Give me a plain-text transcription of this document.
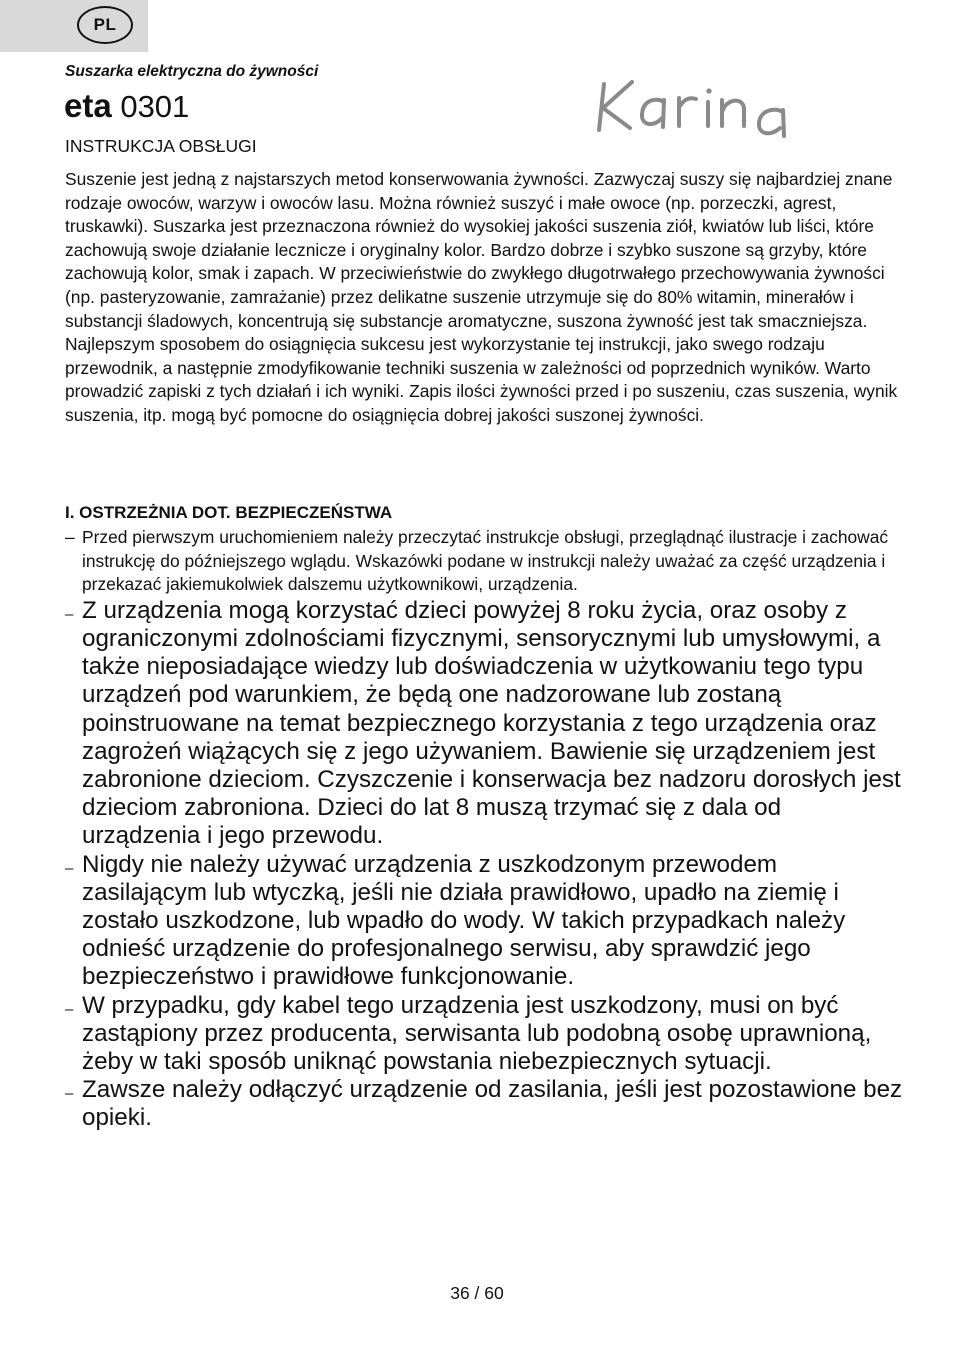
PL
Suszarka elektryczna do żywności
eta 0301
INSTRUKCJA OBSŁUGI

Suszenie jest jedną z najstarszych metod konserwowania żywności. Zazwyczaj suszy się najbardziej znane rodzaje owoców, warzyw i owoców lasu. Można również suszyć i małe owoce (np. porzeczki, agrest, truskawki). Suszarka jest przeznaczona również do wysokiej jakości suszenia ziół, kwiatów lub liści, które zachowują swoje działanie lecznicze i oryginalny kolor. Bardzo dobrze i szybko suszone są grzyby, które zachowują kolor, smak i zapach. W przeciwieństwie do zwykłego długotrwałego przechowywania żywności (np. pasteryzowanie, zamrażanie) przez delikatne suszenie utrzymuje się do 80% witamin, minerałów i substancji śladowych, koncentrują się substancje aromatyczne, suszona żywność jest tak smaczniejsza. Najlepszym sposobem do osiągnięcia sukcesu jest wykorzystanie tej instrukcji, jako swego rodzaju przewodnik, a następnie zmodyfikowanie techniki suszenia w zależności od poprzednich wyników. Warto prowadzić zapiski z tych działań i ich wyniki. Zapis ilości żywności przed i po suszeniu, czas suszenia, wynik suszenia, itp. mogą być pomocne do osiągnięcia dobrej jakości suszonej żywności.

I. OSTRZEŻNIA DOT. BEZPIECZEŃSTWA
– Przed pierwszym uruchomieniem należy przeczytać instrukcje obsługi, przeglądnąć ilustracje i zachować instrukcję do późniejszego wglądu. Wskazówki podane w instrukcji należy uważać za część urządzenia i przekazać jakiemukolwiek dalszemu użytkownikowi, urządzenia.
– Z urządzenia mogą korzystać dzieci powyżej 8 roku życia, oraz osoby z ograniczonymi zdolnościami fizycznymi, sensorycznymi lub umysłowymi, a także nieposiadające wiedzy lub doświadczenia w użytkowaniu tego typu urządzeń pod warunkiem, że będą one nadzorowane lub zostaną poinstruowane na temat bezpiecznego korzystania z tego urządzenia oraz zagrożeń wiążących się z jego używaniem. Bawienie się urządzeniem jest zabronione dzieciom. Czyszczenie i konserwacja bez nadzoru dorosłych jest dzieciom zabroniona. Dzieci do lat 8 muszą trzymać się z dala od urządzenia i jego przewodu.
– Nigdy nie należy używać urządzenia z uszkodzonym przewodem zasilającym lub wtyczką, jeśli nie działa prawidłowo, upadło na ziemię i zostało uszkodzone, lub wpadło do wody. W takich przypadkach należy odnieść urządzenie do profesjonalnego serwisu, aby sprawdzić jego bezpieczeństwo i prawidłowe funkcjonowanie.
– W przypadku, gdy kabel tego urządzenia jest uszkodzony, musi on być zastąpiony przez producenta, serwisanta lub podobną osobę uprawnioną, żeby w taki sposób uniknąć powstania niebezpiecznych sytuacji.
– Zawsze należy odłączyć urządzenie od zasilania, jeśli jest pozostawione bez opieki.
36 / 60
